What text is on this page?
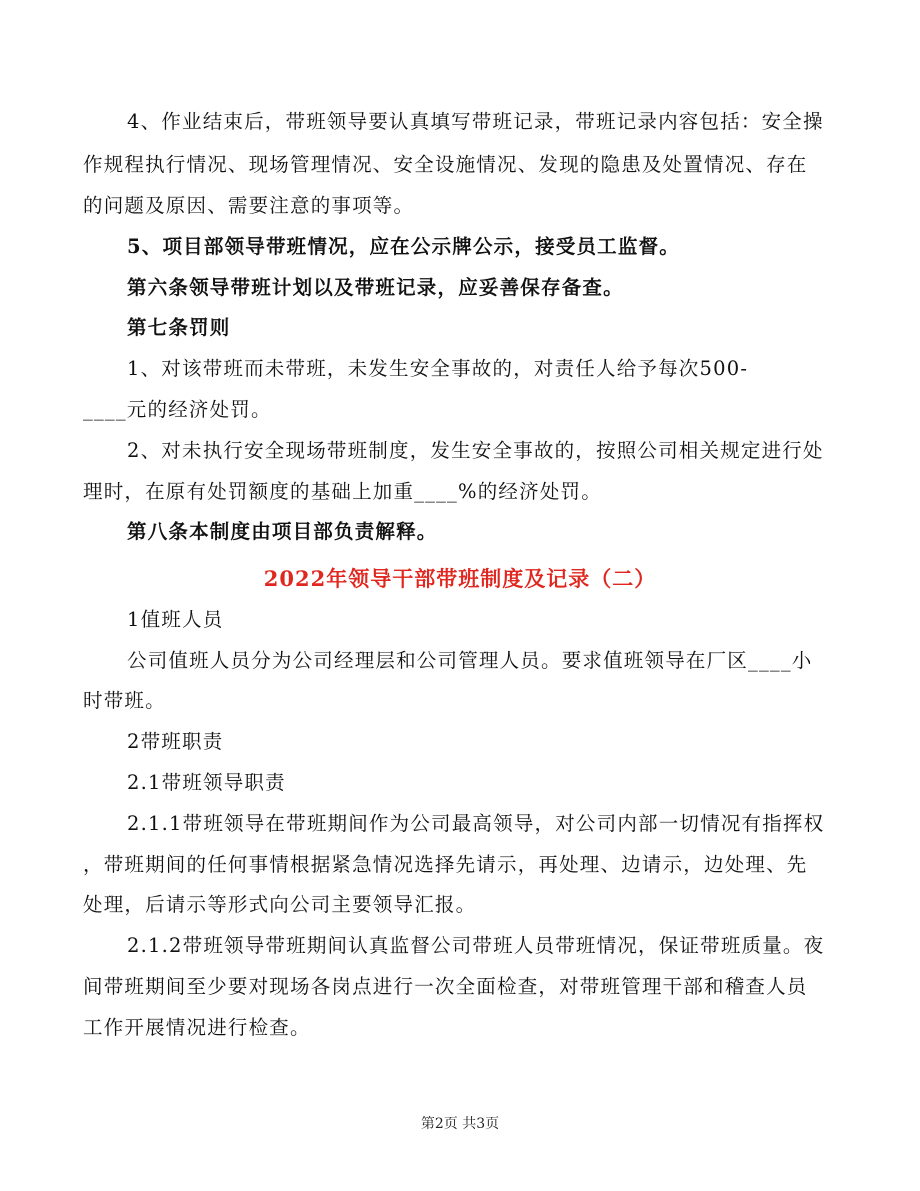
4、作业结束后，带班领导要认真填写带班记录，带班记录内容包括：安全操
作规程执行情况、现场管理情况、安全设施情况、发现的隐患及处置情况、存在
的问题及原因、需要注意的事项等。
5、项目部领导带班情况，应在公示牌公示，接受员工监督。
第六条领导带班计划以及带班记录，应妥善保存备查。
第七条罚则
1、对该带班而未带班，未发生安全事故的，对责任人给予每次500-
____元的经济处罚。
2、对未执行安全现场带班制度，发生安全事故的，按照公司相关规定进行处
理时，在原有处罚额度的基础上加重____%的经济处罚。
第八条本制度由项目部负责解释。
2022年领导干部带班制度及记录（二）
1值班人员
公司值班人员分为公司经理层和公司管理人员。要求值班领导在厂区____小
时带班。
2带班职责
2.1带班领导职责
2.1.1带班领导在带班期间作为公司最高领导，对公司内部一切情况有指挥权
，带班期间的任何事情根据紧急情况选择先请示，再处理、边请示，边处理、先
处理，后请示等形式向公司主要领导汇报。
2.1.2带班领导带班期间认真监督公司带班人员带班情况，保证带班质量。夜
间带班期间至少要对现场各岗点进行一次全面检查，对带班管理干部和稽查人员
工作开展情况进行检查。
第2页 共3页
